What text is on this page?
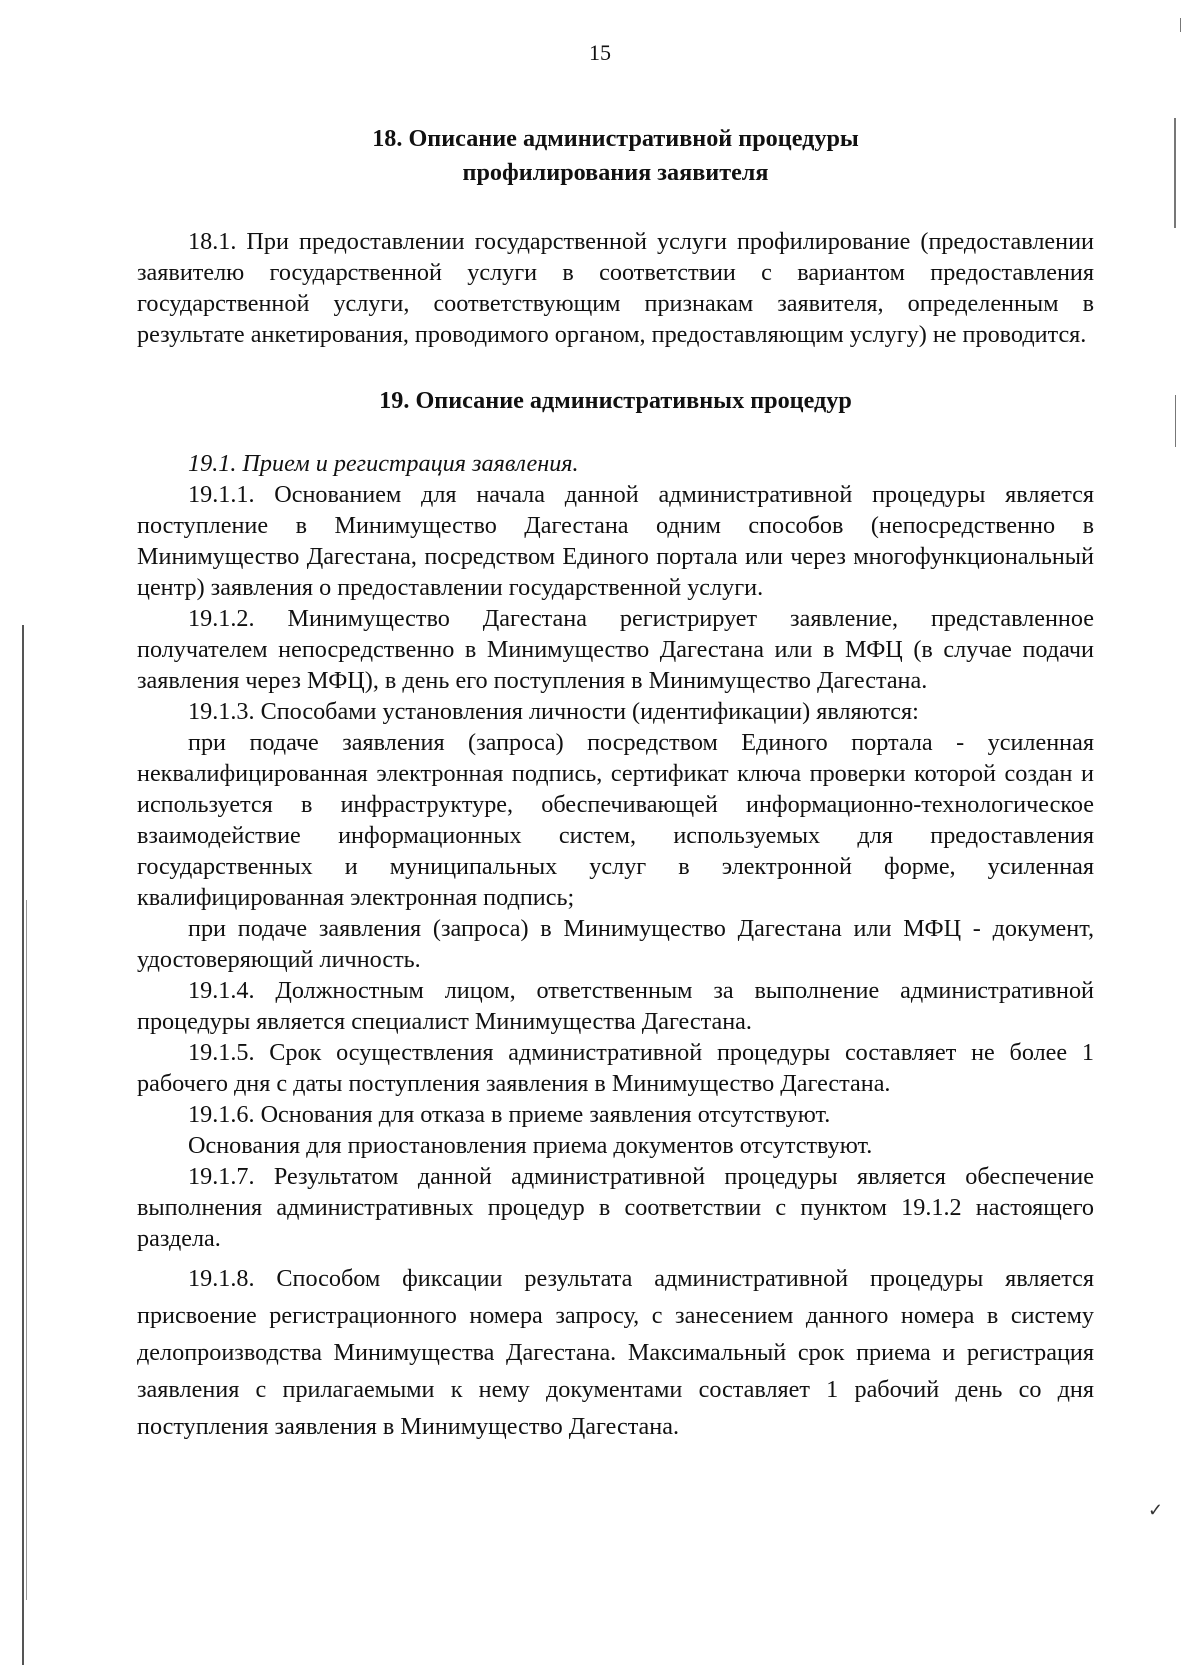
✓
15
18. Описание административной процедуры
профилирования заявителя

18.1. При предоставлении государственной услуги профилирование (предоставлении заявителю государственной услуги в соответствии с вариантом предоставления государственной услуги, соответствующим признакам заявителя, определенным в результате анкетирования, проводимого органом, предоставляющим услугу) не проводится.

19. Описание административных процедур

19.1. Прием и регистрация заявления.

19.1.1. Основанием для начала данной административной процедуры является поступление в Минимущество Дагестана одним способов (непосредственно в Минимущество Дагестана, посредством Единого портала или через многофункциональный центр) заявления о предоставлении государственной услуги.

19.1.2. Минимущество Дагестана регистрирует заявление, представленное получателем непосредственно в Минимущество Дагестана или в МФЦ (в случае подачи заявления через МФЦ), в день его поступления в Минимущество Дагестана.

19.1.3. Способами установления личности (идентификации) являются:

при подаче заявления (запроса) посредством Единого портала - усиленная неквалифицированная электронная подпись, сертификат ключа проверки которой создан и используется в инфраструктуре, обеспечивающей информационно-технологическое взаимодействие информационных систем, используемых для предоставления государственных и муниципальных услуг в электронной форме, усиленная квалифицированная электронная подпись;

при подаче заявления (запроса) в Минимущество Дагестана или МФЦ - документ, удостоверяющий личность.

19.1.4. Должностным лицом, ответственным за выполнение административной процедуры является специалист Минимущества Дагестана.

19.1.5. Срок осуществления административной процедуры составляет не более 1 рабочего дня с даты поступления заявления в Минимущество Дагестана.

19.1.6. Основания для отказа в приеме заявления отсутствуют.

Основания для приостановления приема документов отсутствуют.

19.1.7. Результатом данной административной процедуры является обеспечение выполнения административных процедур в соответствии с пунктом 19.1.2 настоящего раздела.

19.1.8. Способом фиксации результата административной процедуры является присвоение регистрационного номера запросу, с занесением данного номера в систему делопроизводства Минимущества Дагестана. Максимальный срок приема и регистрация заявления с прилагаемыми к нему документами составляет 1 рабочий день со дня поступления заявления в Минимущество Дагестана.
